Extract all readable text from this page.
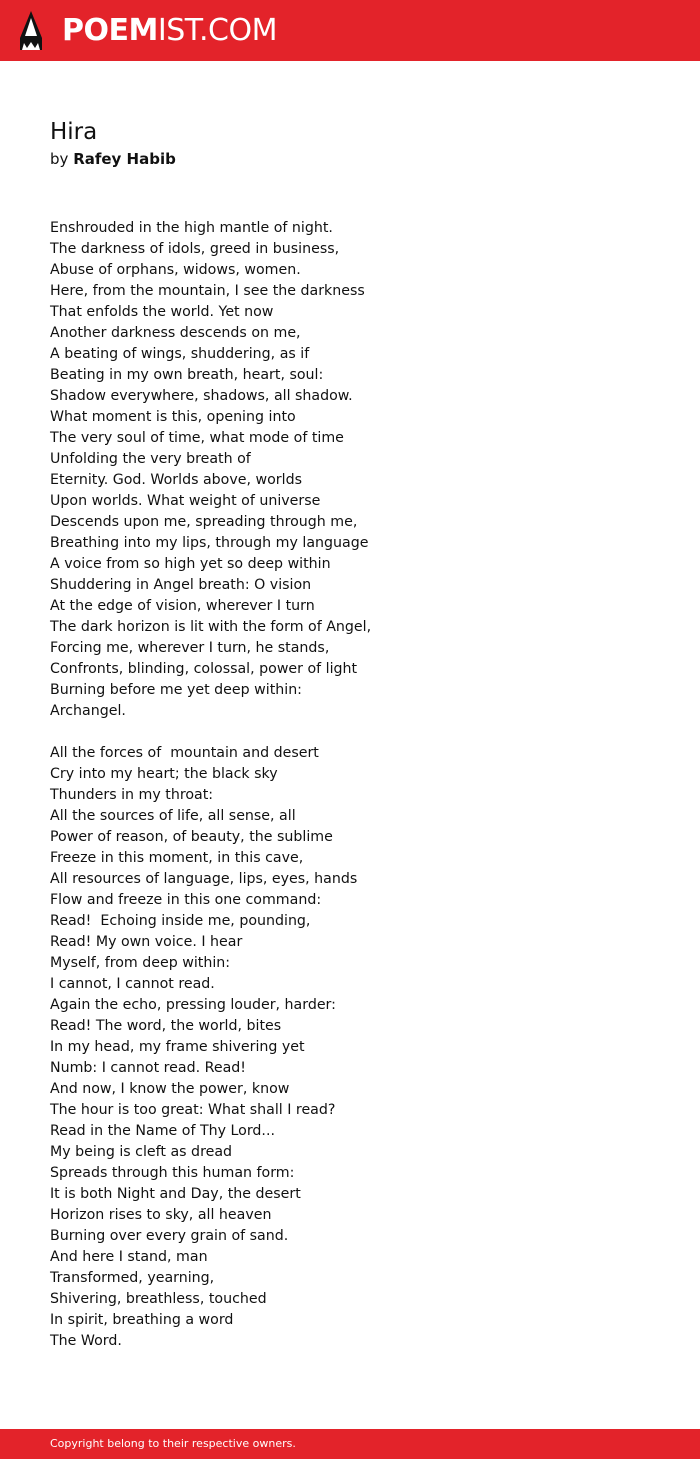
POEMIST.COM
Hira
by Rafey Habib
Enshrouded in the high mantle of night.
The darkness of idols, greed in business,
Abuse of orphans, widows, women.
Here, from the mountain, I see the darkness
That enfolds the world. Yet now
Another darkness descends on me,
A beating of wings, shuddering, as if
Beating in my own breath, heart, soul:
Shadow everywhere, shadows, all shadow.
What moment is this, opening into
The very soul of time, what mode of time
Unfolding the very breath of
Eternity. God. Worlds above, worlds
Upon worlds. What weight of universe
Descends upon me, spreading through me,
Breathing into my lips, through my language
A voice from so high yet so deep within
Shuddering in Angel breath: O vision
At the edge of vision, wherever I turn
The dark horizon is lit with the form of Angel,
Forcing me, wherever I turn, he stands,
Confronts, blinding, colossal, power of light
Burning before me yet deep within:
Archangel.
All the forces of  mountain and desert
Cry into my heart; the black sky
Thunders in my throat:
All the sources of life, all sense, all
Power of reason, of beauty, the sublime
Freeze in this moment, in this cave,
All resources of language, lips, eyes, hands
Flow and freeze in this one command:
Read!  Echoing inside me, pounding,
Read! My own voice. I hear
Myself, from deep within:
I cannot, I cannot read.
Again the echo, pressing louder, harder:
Read! The word, the world, bites
In my head, my frame shivering yet
Numb: I cannot read. Read!
And now, I know the power, know
The hour is too great: What shall I read?
Read in the Name of Thy Lord...
My being is cleft as dread
Spreads through this human form:
It is both Night and Day, the desert
Horizon rises to sky, all heaven
Burning over every grain of sand.
And here I stand, man
Transformed, yearning,
Shivering, breathless, touched
In spirit, breathing a word
The Word.
Copyright belong to their respective owners.
